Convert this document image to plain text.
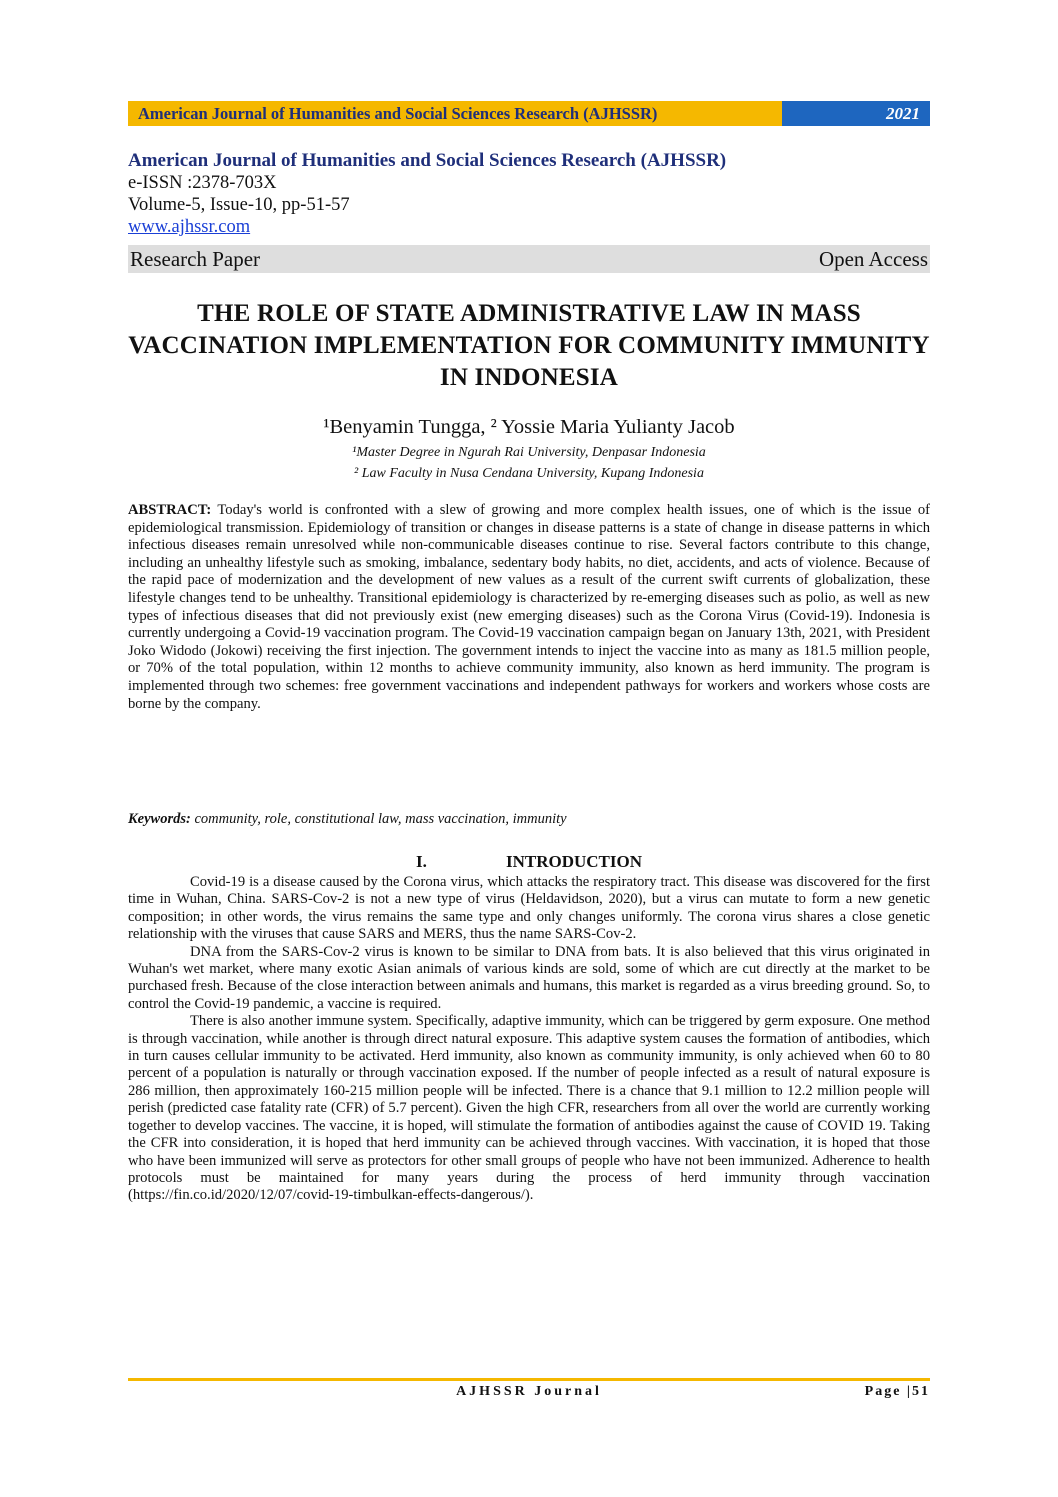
American Journal of Humanities and Social Sciences Research (AJHSSR)	2021
American Journal of Humanities and Social Sciences Research (AJHSSR)
e-ISSN :2378-703X
Volume-5, Issue-10, pp-51-57
www.ajhssr.com
Research Paper	Open Access
THE ROLE OF STATE ADMINISTRATIVE LAW IN MASS VACCINATION IMPLEMENTATION FOR COMMUNITY IMMUNITY IN INDONESIA
¹Benyamin Tungga, ² Yossie Maria Yulianty Jacob
¹Master Degree in Ngurah Rai University, Denpasar Indonesia
² Law Faculty in Nusa Cendana University, Kupang Indonesia
ABSTRACT: Today's world is confronted with a slew of growing and more complex health issues, one of which is the issue of epidemiological transmission. Epidemiology of transition or changes in disease patterns is a state of change in disease patterns in which infectious diseases remain unresolved while non-communicable diseases continue to rise. Several factors contribute to this change, including an unhealthy lifestyle such as smoking, imbalance, sedentary body habits, no diet, accidents, and acts of violence. Because of the rapid pace of modernization and the development of new values as a result of the current swift currents of globalization, these lifestyle changes tend to be unhealthy. Transitional epidemiology is characterized by re-emerging diseases such as polio, as well as new types of infectious diseases that did not previously exist (new emerging diseases) such as the Corona Virus (Covid-19). Indonesia is currently undergoing a Covid-19 vaccination program. The Covid-19 vaccination campaign began on January 13th, 2021, with President Joko Widodo (Jokowi) receiving the first injection. The government intends to inject the vaccine into as many as 181.5 million people, or 70% of the total population, within 12 months to achieve community immunity, also known as herd immunity. The program is implemented through two schemes: free government vaccinations and independent pathways for workers and workers whose costs are borne by the company.
Keywords: community, role, constitutional law, mass vaccination, immunity
I.	INTRODUCTION

Covid-19 is a disease caused by the Corona virus, which attacks the respiratory tract. This disease was discovered for the first time in Wuhan, China. SARS-Cov-2 is not a new type of virus (Heldavidson, 2020), but a virus can mutate to form a new genetic composition; in other words, the virus remains the same type and only changes uniformly. The corona virus shares a close genetic relationship with the viruses that cause SARS and MERS, thus the name SARS-Cov-2.

DNA from the SARS-Cov-2 virus is known to be similar to DNA from bats. It is also believed that this virus originated in Wuhan's wet market, where many exotic Asian animals of various kinds are sold, some of which are cut directly at the market to be purchased fresh. Because of the close interaction between animals and humans, this market is regarded as a virus breeding ground. So, to control the Covid-19 pandemic, a vaccine is required.

There is also another immune system. Specifically, adaptive immunity, which can be triggered by germ exposure. One method is through vaccination, while another is through direct natural exposure. This adaptive system causes the formation of antibodies, which in turn causes cellular immunity to be activated. Herd immunity, also known as community immunity, is only achieved when 60 to 80 percent of a population is naturally or through vaccination exposed. If the number of people infected as a result of natural exposure is 286 million, then approximately 160-215 million people will be infected. There is a chance that 9.1 million to 12.2 million people will perish (predicted case fatality rate (CFR) of 5.7 percent). Given the high CFR, researchers from all over the world are currently working together to develop vaccines. The vaccine, it is hoped, will stimulate the formation of antibodies against the cause of COVID 19. Taking the CFR into consideration, it is hoped that herd immunity can be achieved through vaccines. With vaccination, it is hoped that those who have been immunized will serve as protectors for other small groups of people who have not been immunized. Adherence to health protocols must be maintained for many years during the process of herd immunity through vaccination (https://fin.co.id/2020/12/07/covid-19-timbulkan-effects-dangerous/).

AJHSSR Journal	Page |51
